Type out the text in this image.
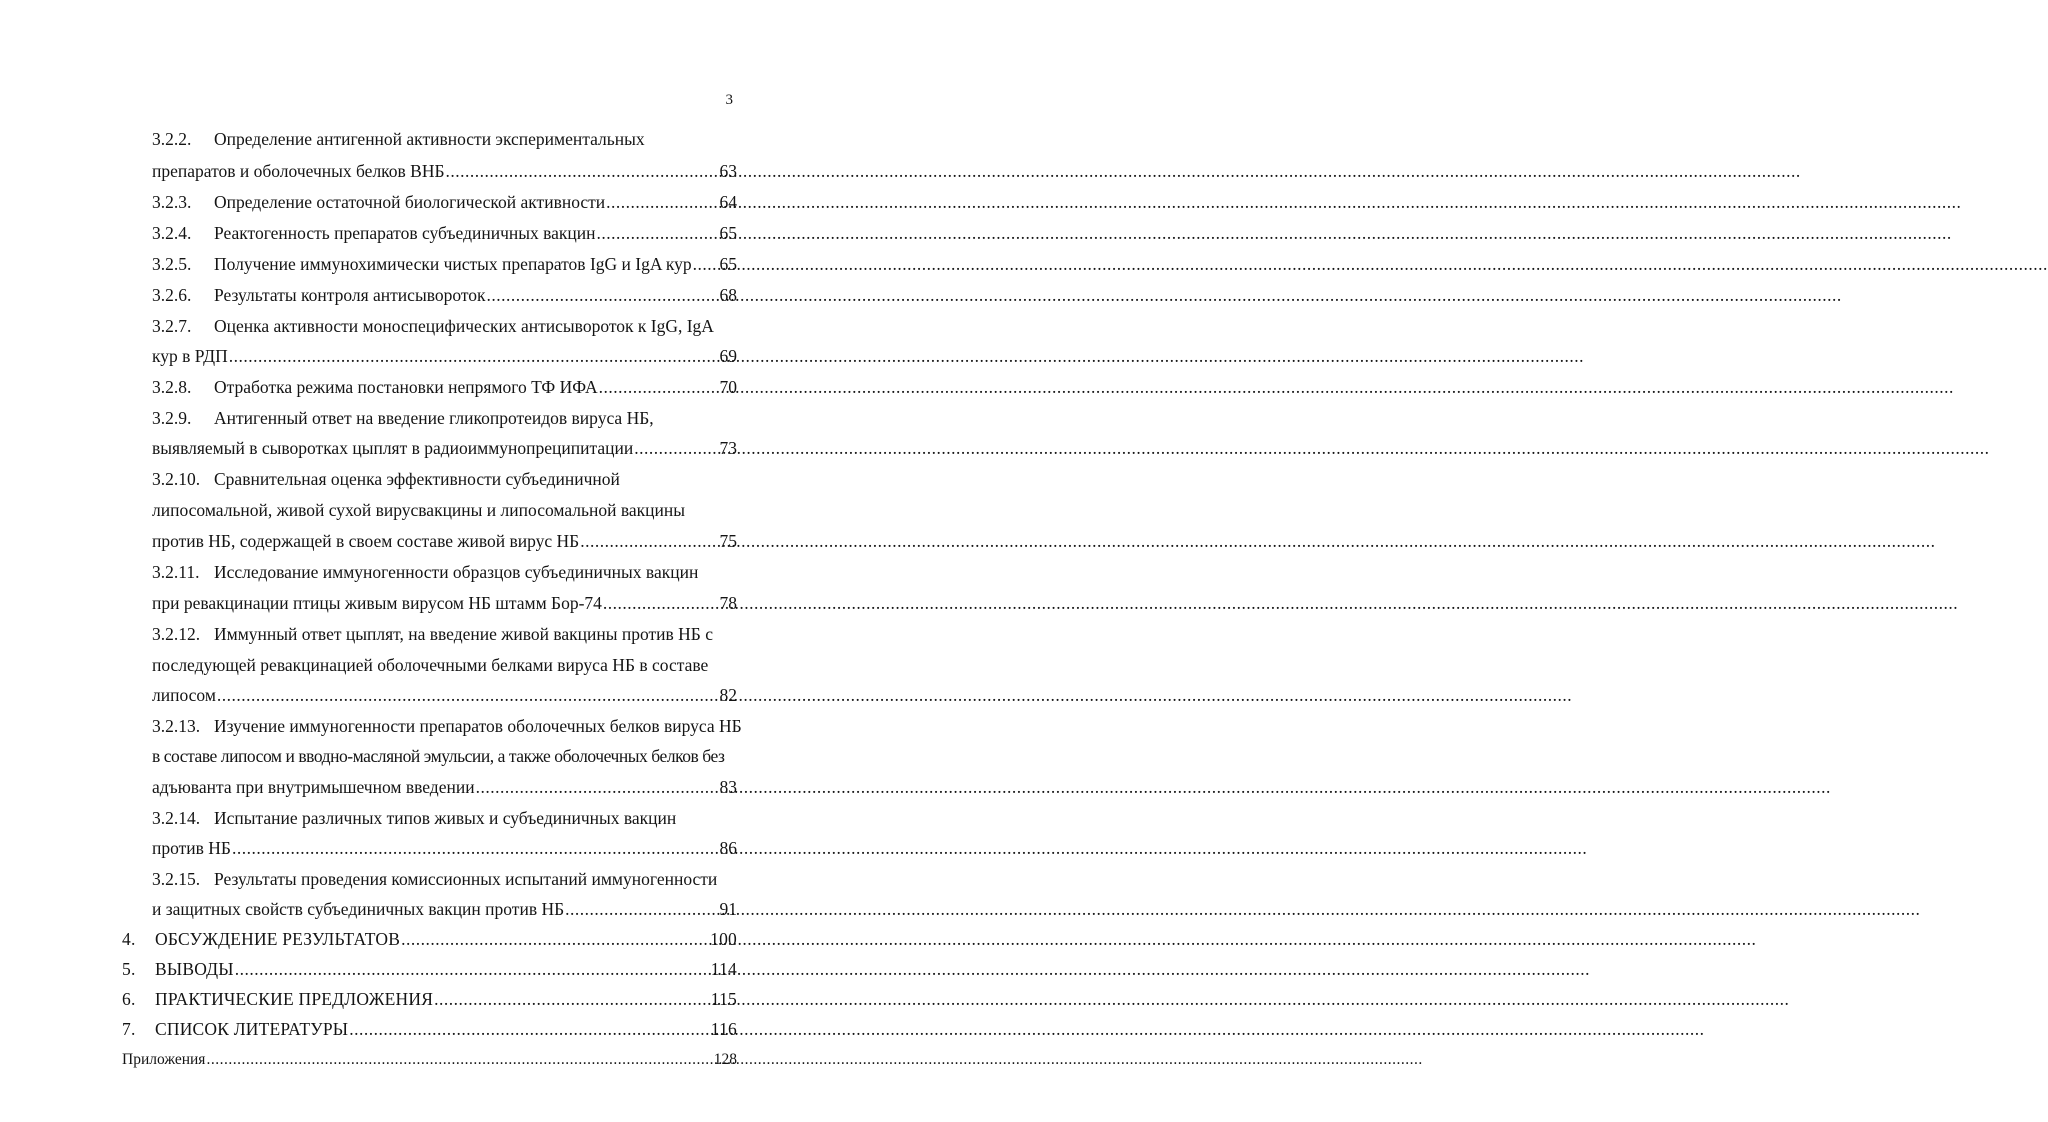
3
3.2.2.	Определение антигенной активности экспериментальных
препаратов и оболочечных белков ВНБ .....	63
3.2.3.	Определение остаточной биологической активности .....	64
3.2.4.	Реактогенность препаратов субъединичных вакцин .....	65
3.2.5.	Получение иммунохимически чистых препаратов IgG и IgA кур ..... 65
3.2.6.	Результаты контроля антисывороток .....	68
3.2.7.	Оценка активности моноспецифических антисывороток к IgG, IgA
кур в РДП .....	69
3.2.8.	Отработка режима постановки непрямого ТФ ИФА .....	70
3.2.9.	Антигенный ответ на введение гликопротеидов вируса НБ,
выявляемый в сыворотках цыплят в радиоиммунопреципитации .....	73
3.2.10. Сравнительная оценка эффективности субъединичной
липосомальной, живой сухой вирусвакцины и липосомальной вакцины
против НБ, содержащей в своем составе живой вирус НБ .....	75
3.2.11. Исследование иммуногенности образцов субъединичных вакцин
при ревакцинации птицы живым вирусом НБ штамм Бор-74 .....	78
3.2.12. Иммунный ответ цыплят, на введение живой вакцины против НБ с
последующей ревакцинацией оболочечными белками вируса НБ в составе
липосом .....	82
3.2.13. Изучение иммуногенности препаратов оболочечных белков вируса НБ
в составе липосом и вводно-масляной эмульсии, а также оболочечных белков без
адъюванта при внутримышечном введении .....	83
3.2.14. Испытание различных типов живых и субъединичных вакцин
против НБ .....	86
3.2.15. Результаты проведения комиссионных испытаний иммуногенности
и защитных свойств субъединичных вакцин против НБ .....	91
4.	ОБСУЖДЕНИЕ РЕЗУЛЬТАТОВ .....	100
5.	ВЫВОДЫ .....	114
6.	ПРАКТИЧЕСКИЕ ПРЕДЛОЖЕНИЯ .....	115
7.	СПИСОК ЛИТЕРАТУРЫ .....	116
Приложения .....	128
